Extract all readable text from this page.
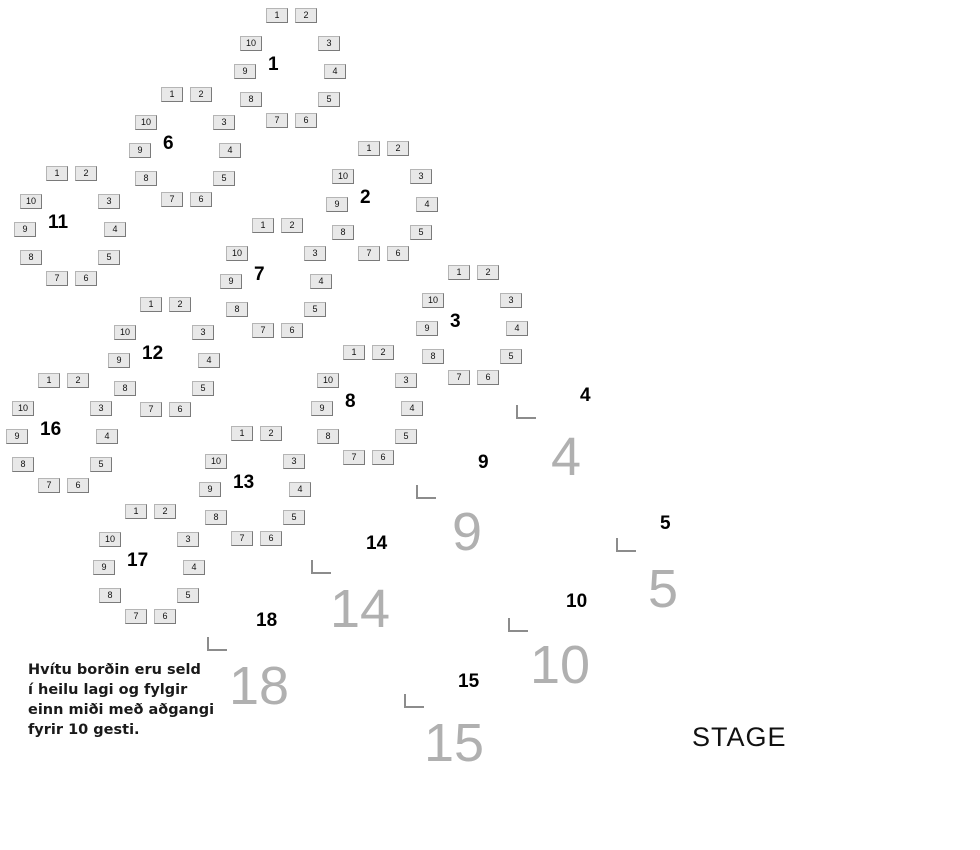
STAGE
Hvítu borðin eru seld
í heilu lagi og fylgir
einn miði með aðgangi
fyrir 10 gesti.
1	2
3
4
5
6
7
8
9
10
1
1	2
3
4
5
6
7
8
9
10
6
1	2
3
4
5
6
7
8
9
10
11
1	2
3
4
5
6
7
8
9
10
2
1	2
3
4
5
6
7
8
9
10
7
1	2
3
4
5
6
7
8
9
10
12
1	2
3
4
5
6
7
8
9
10
16
1	2
3
4
5
6
7
8
9
10
3
1	2
3
4
5
6
7
8
9
10
8
1	2
3
4
5
6
7
8
9
10
13
1	2
3
4
5
6
7
8
9
10
17
4
4
9
9
14
14
18
18
5
5
10
10
15
15
